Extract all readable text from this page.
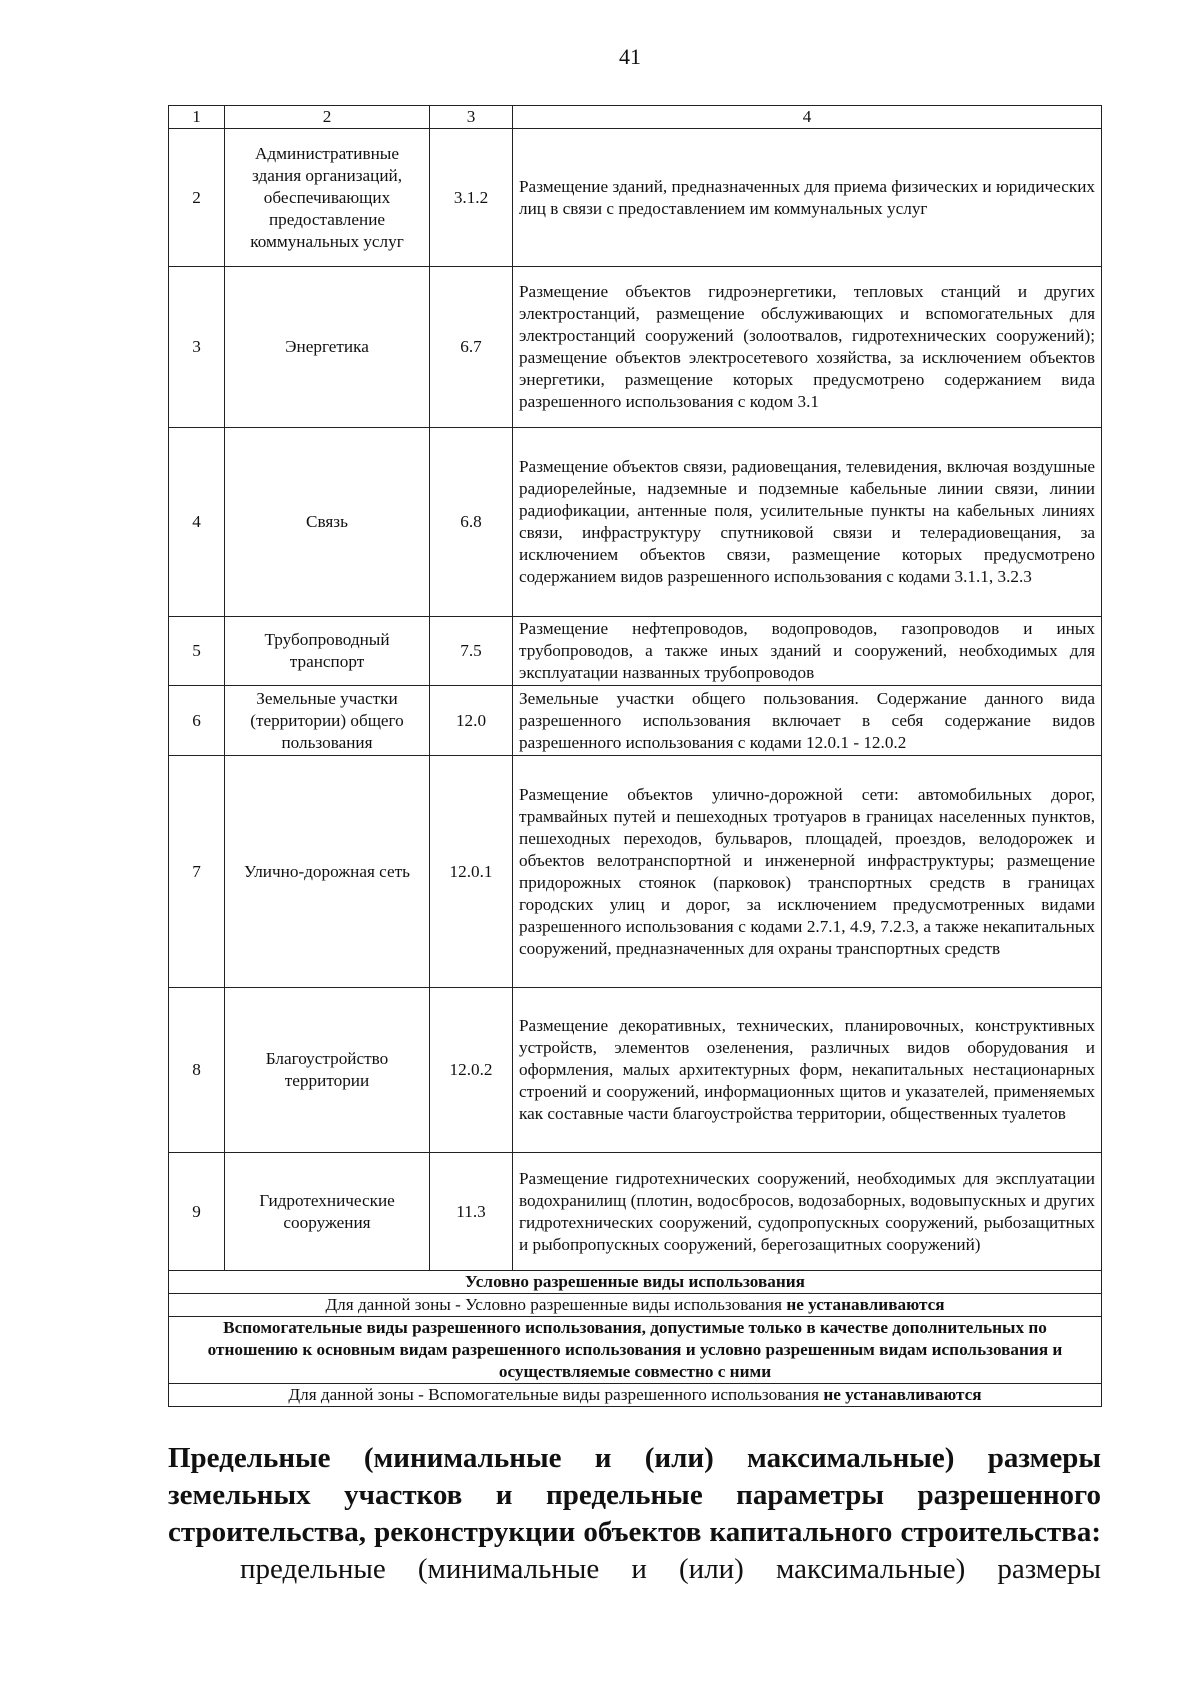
41
1	2	3	4
2	Административные здания организаций, обеспечивающих предоставление коммунальных услуг	3.1.2	Размещение зданий, предназначенных для приема физических и юридических лиц в связи с предоставлением им коммунальных услуг
3	Энергетика	6.7	Размещение объектов гидроэнергетики, тепловых станций и других электростанций, размещение обслуживающих и вспомогательных для электростанций сооружений (золоотвалов, гидротехнических сооружений); размещение объектов электросетевого хозяйства, за исключением объектов энергетики, размещение которых предусмотрено содержанием вида разрешенного использования с кодом 3.1
4	Связь	6.8	Размещение объектов связи, радиовещания, телевидения, включая воздушные радиорелейные, надземные и подземные кабельные линии связи, линии радиофикации, антенные поля, усилительные пункты на кабельных линиях связи, инфраструктуру спутниковой связи и телерадиовещания, за исключением объектов связи, размещение которых предусмотрено содержанием видов разрешенного использования с кодами 3.1.1, 3.2.3
5	Трубопроводный транспорт	7.5	Размещение нефтепроводов, водопроводов, газопроводов и иных трубопроводов, а также иных зданий и сооружений, необходимых для эксплуатации названных трубопроводов
6	Земельные участки (территории) общего пользования	12.0	Земельные участки общего пользования. Содержание данного вида разрешенного использования включает в себя содержание видов разрешенного использования с кодами 12.0.1 - 12.0.2
7	Улично-дорожная сеть	12.0.1	Размещение объектов улично-дорожной сети: автомобильных дорог, трамвайных путей и пешеходных тротуаров в границах населенных пунктов, пешеходных переходов, бульваров, площадей, проездов, велодорожек и объектов велотранспортной и инженерной инфраструктуры; размещение придорожных стоянок (парковок) транспортных средств в границах городских улиц и дорог, за исключением предусмотренных видами разрешенного использования с кодами 2.7.1, 4.9, 7.2.3, а также некапитальных сооружений, предназначенных для охраны транспортных средств
8	Благоустройство территории	12.0.2	Размещение декоративных, технических, планировочных, конструктивных устройств, элементов озеленения, различных видов оборудования и оформления, малых архитектурных форм, некапитальных нестационарных строений и сооружений, информационных щитов и указателей, применяемых как составные части благоустройства территории, общественных туалетов
9	Гидротехнические сооружения	11.3	Размещение гидротехнических сооружений, необходимых для эксплуатации водохранилищ (плотин, водосбросов, водозаборных, водовыпускных и других гидротехнических сооружений, судопропускных сооружений, рыбозащитных и рыбопропускных сооружений, берегозащитных сооружений)
Условно разрешенные виды использования			
Для данной зоны - Условно разрешенные виды использования не устанавливаются			
Вспомогательные виды разрешенного использования, допустимые только в качестве дополнительных по отношению к основным видам разрешенного использования и условно разрешенным видам использования и осуществляемые совместно с ними			
Для данной зоны - Вспомогательные виды разрешенного использования не устанавливаются			
Предельные (минимальные и (или) максимальные) размеры
земельных участков и предельные параметры разрешенного
строительства, реконструкции объектов капитального строительства:
предельные (минимальные и (или) максимальные) размеры
